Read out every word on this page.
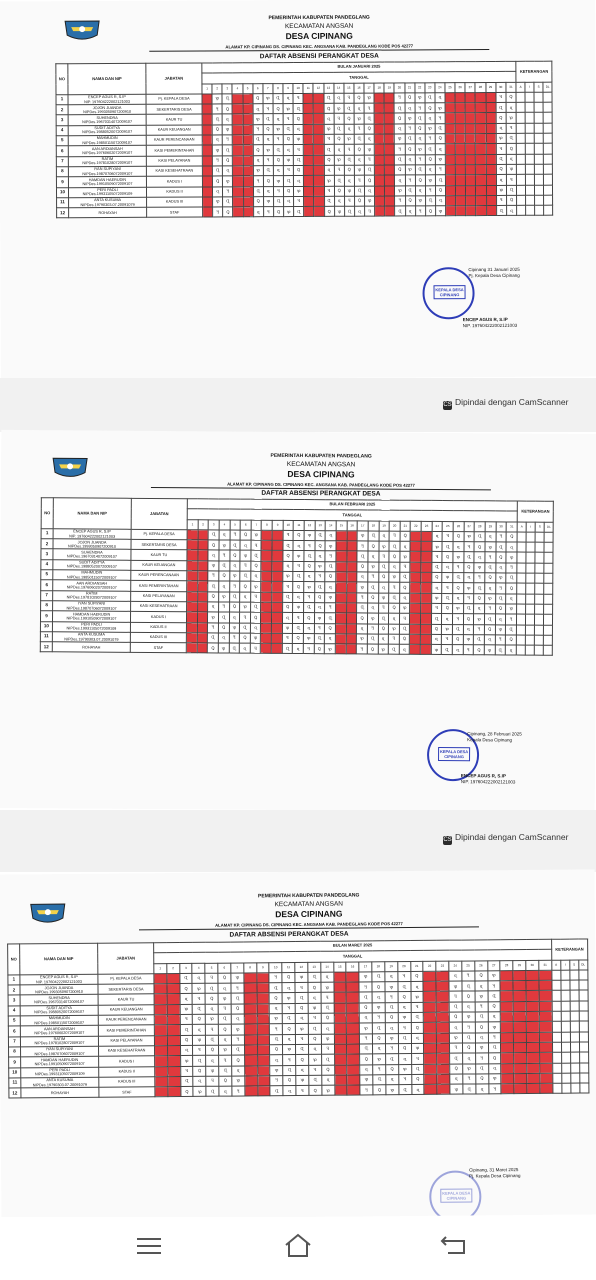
PEMERINTAH KABUPATEN PANDEGLANG
KECAMATAN ANGSAN
DESA CIPINANG
ALAMAT KP. CIPINANG DS. CIPINANG KEC. ANGSANA KAB. PANDEGLANG KODE POS 42277
DAFTAR ABSENSI PERANGKAT DESA
NO	NAMA DAN NIP	JABATAN	BULAN JANUARI 2025																															KETERANGAN			
			TANGGAL																																		
			1	2	3	4	5	6	7	8	9	10	11	12	13	14	15	16	17	18	19	20	21	22	23	24	25	26	27	28	29	30	31	A	I	S	DL
1	ENCEP AGUS R, S.IP
NIP. 197604222002121003	Pj. KEPALA DESA		ꝕ	Ɋ			Ꝗ	ꝕ	Ɋ	ɋ	ꟻ			Ɋ	ɋ	ꟻ	Ꝗ	ꝕ			ꟻ	Ꝗ	ꝕ	Ɋ	ɋ						ꟻ	Ꝗ				
2	JOJON JUANDA
NIPDes.1993050907200910	SEKERTARIS DESA		ꟻ	Ꝗ			ɋ	ꟻ	Ꝗ	ꝕ	Ɋ			Ꝗ	ꝕ	Ɋ	ɋ	ꟻ			Ɋ	ɋ	ꟻ	Ꝗ	ꝕ						Ɋ	ɋ				
3	SUHENDRA
NIPDes.19670314072009107	KAUR TU		Ɋ	ɋ			ꝕ	Ɋ	ɋ	ꟻ	Ꝗ			ɋ	ꟻ	Ꝗ	ꝕ	Ɋ			Ꝗ	ꝕ	Ɋ	ɋ	ꟻ						Ꝗ	ꝕ				
4	SUDIT ADITYA
NIPDes.19880520072009107	KAUR KEUANGAN		Ꝗ	ꝕ			ꟻ	Ꝗ	ꝕ	Ɋ	ɋ			ꝕ	Ɋ	ɋ	ꟻ	Ꝗ			ɋ	ꟻ	Ꝗ	ꝕ	Ɋ						ɋ	ꟻ				
5	MAHMUDIN
NIPDes.19850115072009107	KAUR PERENCANAAN		ɋ	ꟻ			Ɋ	ɋ	ꟻ	Ꝗ	ꝕ			ꟻ	Ꝗ	ꝕ	Ɋ	ɋ			ꝕ	Ɋ	ɋ	ꟻ	Ꝗ						ꝕ	Ɋ				
6	AAN ARDIANSAH
NIPDes.19760602072009107	KASI PEMERINTAHAN		ꝕ	Ɋ			Ꝗ	ꝕ	Ɋ	ɋ	ꟻ			Ɋ	ɋ	ꟻ	Ꝗ	ꝕ			ꟻ	Ꝗ	ꝕ	Ɋ	ɋ						ꟻ	Ꝗ				
7	RATIM
NIPDes.19781028072009107	KASI PELAYANAN		ꟻ	Ꝗ			ɋ	ꟻ	Ꝗ	ꝕ	Ɋ			Ꝗ	ꝕ	Ɋ	ɋ	ꟻ			Ɋ	ɋ	ꟻ	Ꝗ	ꝕ						Ɋ	ɋ				
8	IYAN SUPIYANI
NIPDes.19870706072009107	KASI KESEHATRAAN		Ɋ	ɋ			ꝕ	Ɋ	ɋ	ꟻ	Ꝗ			ɋ	ꟻ	Ꝗ	ꝕ	Ɋ			Ꝗ	ꝕ	Ɋ	ɋ	ꟻ						Ꝗ	ꝕ				
9	HAMDAN HAERUDIN
NIPDes.19910509072009107	KADUS I		Ꝗ	ꝕ			ꟻ	Ꝗ	ꝕ	Ɋ	ɋ			ꝕ	Ɋ	ɋ	ꟻ	Ꝗ			ɋ	ꟻ	Ꝗ	ꝕ	Ɋ						ɋ	ꟻ				
10	PERI PADLI
NIPDes.19931105072009109	KADUS II		ɋ	ꟻ			Ɋ	ɋ	ꟻ	Ꝗ	ꝕ			ꟻ	Ꝗ	ꝕ	Ɋ	ɋ			ꝕ	Ɋ	ɋ	ꟻ	Ꝗ						ꝕ	Ɋ				
11	ANTA KUSUMA
NIPDes.19790303.07.20091079	KADUS III		ꝕ	Ɋ			Ꝗ	ꝕ	Ɋ	ɋ	ꟻ			Ɋ	ɋ	ꟻ	Ꝗ	ꝕ			ꟻ	Ꝗ	ꝕ	Ɋ	ɋ						ꟻ	Ꝗ				
12	ROHAYAH	STAF		ꟻ	Ꝗ			ɋ	ꟻ	Ꝗ	ꝕ	Ɋ			Ꝗ	ꝕ	Ɋ	ɋ	ꟻ			Ɋ	ɋ	ꟻ	Ꝗ	ꝕ						Ɋ	ɋ				
KEPALA DESA CIPINANG
Cipinang 31 Januari 2025
Pj. Kepala Desa Cipinang
ENCEP AGUS R, S.IP
NIP. 197604222002121003
CS Dipindai dengan CamScanner
PEMERINTAH KABUPATEN PANDEGLANG
KECAMATAN ANGSAN
DESA CIPINANG
ALAMAT KP. CIPINANG DS. CIPINANG KEC. ANGSANA KAB. PANDEGLANG KODE POS 42277
DAFTAR ABSENSI PERANGKAT DESA
NO	NAMA DAN NIP	JABATAN	BULAN FEBRUARI 2025																															KETERANGAN			
			TANGGAL																																		
			1	2	3	4	5	6	7	8	9	10	11	12	13	14	15	16	17	18	19	20	21	22	23	24	25	26	27	28	29	30	31	A	I	S	DL
1	ENCEP AGUS R, S.IP
NIP. 197604222002121003	Pj. KEPALA DESA			Ɋ	ɋ	ꟻ	Ꝗ	ꝕ			ꟻ	Ꝗ	ꝕ	Ɋ	ɋ			ꝕ	Ɋ	ɋ	ꟻ	Ꝗ			ɋ	ꟻ	Ꝗ	ꝕ	Ɋ	ɋ	ꟻ	Ꝗ				
2	JOJON JUANDA
NIPDes.1993050907200910	SEKERTARIS DESA			Ꝗ	ꝕ	Ɋ	ɋ	ꟻ			Ɋ	ɋ	ꟻ	Ꝗ	ꝕ			ꟻ	Ꝗ	ꝕ	Ɋ	ɋ			ꝕ	Ɋ	ɋ	ꟻ	Ꝗ	ꝕ	Ɋ	ɋ				
3	SUHENDRA
NIPDes.19670314072009107	KAUR TU			ɋ	ꟻ	Ꝗ	ꝕ	Ɋ			Ꝗ	ꝕ	Ɋ	ɋ	ꟻ			Ɋ	ɋ	ꟻ	Ꝗ	ꝕ			ꟻ	Ꝗ	ꝕ	Ɋ	ɋ	ꟻ	Ꝗ	ꝕ				
4	SUDIT ADITYA
NIPDes.19880520072009107	KAUR KEUANGAN			ꝕ	Ɋ	ɋ	ꟻ	Ꝗ			ɋ	ꟻ	Ꝗ	ꝕ	Ɋ			Ꝗ	ꝕ	Ɋ	ɋ	ꟻ			Ɋ	ɋ	ꟻ	Ꝗ	ꝕ	Ɋ	ɋ	ꟻ				
5	MAHMUDIN
NIPDes.19850115072009107	KAUR PERENCANAAN			ꟻ	Ꝗ	ꝕ	Ɋ	ɋ			ꝕ	Ɋ	ɋ	ꟻ	Ꝗ			ɋ	ꟻ	Ꝗ	ꝕ	Ɋ			Ꝗ	ꝕ	Ɋ	ɋ	ꟻ	Ꝗ	ꝕ	Ɋ				
6	AAN ARDIANSAH
NIPDes.19760602072009107	KASI PEMERINTAHAN			Ɋ	ɋ	ꟻ	Ꝗ	ꝕ			ꟻ	Ꝗ	ꝕ	Ɋ	ɋ			ꝕ	Ɋ	ɋ	ꟻ	Ꝗ			ɋ	ꟻ	Ꝗ	ꝕ	Ɋ	ɋ	ꟻ	Ꝗ				
7	RATIM
NIPDes.19781028072009107	KASI PELAYANAN			Ꝗ	ꝕ	Ɋ	ɋ	ꟻ			Ɋ	ɋ	ꟻ	Ꝗ	ꝕ			ꟻ	Ꝗ	ꝕ	Ɋ	ɋ			ꝕ	Ɋ	ɋ	ꟻ	Ꝗ	ꝕ	Ɋ	ɋ				
8	IYAN SUPIYANI
NIPDes.19870706072009107	KASI KESEHATRAAN			ɋ	ꟻ	Ꝗ	ꝕ	Ɋ			Ꝗ	ꝕ	Ɋ	ɋ	ꟻ			Ɋ	ɋ	ꟻ	Ꝗ	ꝕ			ꟻ	Ꝗ	ꝕ	Ɋ	ɋ	ꟻ	Ꝗ	ꝕ				
9	HAMDAN HAERUDIN
NIPDes.19910509072009107	KADUS I			ꝕ	Ɋ	ɋ	ꟻ	Ꝗ			ɋ	ꟻ	Ꝗ	ꝕ	Ɋ			Ꝗ	ꝕ	Ɋ	ɋ	ꟻ			Ɋ	ɋ	ꟻ	Ꝗ	ꝕ	Ɋ	ɋ	ꟻ				
10	PERI PADLI
NIPDes.19931105072009109	KADUS II			ꟻ	Ꝗ	ꝕ	Ɋ	ɋ			ꝕ	Ɋ	ɋ	ꟻ	Ꝗ			ɋ	ꟻ	Ꝗ	ꝕ	Ɋ			Ꝗ	ꝕ	Ɋ	ɋ	ꟻ	Ꝗ	ꝕ	Ɋ				
11	ANTA KUSUMA
NIPDes.19790303.07.20091079	KADUS III			Ɋ	ɋ	ꟻ	Ꝗ	ꝕ			ꟻ	Ꝗ	ꝕ	Ɋ	ɋ			ꝕ	Ɋ	ɋ	ꟻ	Ꝗ			ɋ	ꟻ	Ꝗ	ꝕ	Ɋ	ɋ	ꟻ	Ꝗ				
12	ROHAYAH	STAF			Ꝗ	ꝕ	Ɋ	ɋ	ꟻ			Ɋ	ɋ	ꟻ	Ꝗ	ꝕ			ꟻ	Ꝗ	ꝕ	Ɋ	ɋ			ꝕ	Ɋ	ɋ	ꟻ	Ꝗ	ꝕ	Ɋ	ɋ				
KEPALA DESA CIPINANG
Cipinang, 28 Februari 2025
Kepala Desa Cipinang
ENCEP AGUS R, S.IP
NIP. 197604222002121003
CS Dipindai dengan CamScanner
PEMERINTAH KABUPATEN PANDEGLANG
KECAMATAN ANGSAN
DESA CIPINANG
ALAMAT KP. CIPINANG DS. CIPINANG KEC. ANGSANA KAB. PANDEGLANG KODE POS 42277
DAFTAR ABSENSI PERANGKAT DESA
NO	NAMA DAN NIP	JABATAN	BULAN MARET 2025																															KETERANGAN			
			TANGGAL																																		
			1	2	3	4	5	6	7	8	9	10	11	12	13	14	15	16	17	18	19	20	21	22	23	24	25	26	27	28	29	30	31	A	I	S	DL
1	ENCEP AGUS R, S.IP
NIP. 197604222002121003	Pj. KEPALA DESA			Ɋ	ɋ	ꟻ	Ꝗ	ꝕ			ꟻ	Ꝗ	ꝕ	Ɋ	ɋ			ꝕ	Ɋ	ɋ	ꟻ	Ꝗ			ɋ	ꟻ	Ꝗ	ꝕ								
2	JOJON JUANDA
NIPDes.1993050907200910	SEKERTARIS DESA			Ꝗ	ꝕ	Ɋ	ɋ	ꟻ			Ɋ	ɋ	ꟻ	Ꝗ	ꝕ			ꟻ	Ꝗ	ꝕ	Ɋ	ɋ			ꝕ	Ɋ	ɋ	ꟻ								
3	SUHENDRA
NIPDes.19670314072009107	KAUR TU			ɋ	ꟻ	Ꝗ	ꝕ	Ɋ			Ꝗ	ꝕ	Ɋ	ɋ	ꟻ			Ɋ	ɋ	ꟻ	Ꝗ	ꝕ			ꟻ	Ꝗ	ꝕ	Ɋ								
4	SUDIT ADITYA
NIPDes.19880520072009107	KAUR KEUANGAN			ꝕ	Ɋ	ɋ	ꟻ	Ꝗ			ɋ	ꟻ	Ꝗ	ꝕ	Ɋ			Ꝗ	ꝕ	Ɋ	ɋ	ꟻ			Ɋ	ɋ	ꟻ	Ꝗ								
5	MAHMUDIN
NIPDes.19850115072009107	KAUR PERENCANAAN			ꟻ	Ꝗ	ꝕ	Ɋ	ɋ			ꝕ	Ɋ	ɋ	ꟻ	Ꝗ			ɋ	ꟻ	Ꝗ	ꝕ	Ɋ			Ꝗ	ꝕ	Ɋ	ɋ								
6	AAN ARDIANSAH
NIPDes.19760602072009107	KASI PEMERINTAHAN			Ɋ	ɋ	ꟻ	Ꝗ	ꝕ			ꟻ	Ꝗ	ꝕ	Ɋ	ɋ			ꝕ	Ɋ	ɋ	ꟻ	Ꝗ			ɋ	ꟻ	Ꝗ	ꝕ								
7	RATIM
NIPDes.19781028072009107	KASI PELAYANAN			Ꝗ	ꝕ	Ɋ	ɋ	ꟻ			Ɋ	ɋ	ꟻ	Ꝗ	ꝕ			ꟻ	Ꝗ	ꝕ	Ɋ	ɋ			ꝕ	Ɋ	ɋ	ꟻ								
8	IYAN SUPIYANI
NIPDes.19870706072009107	KASI KESEHATRAAN			ɋ	ꟻ	Ꝗ	ꝕ	Ɋ			Ꝗ	ꝕ	Ɋ	ɋ	ꟻ			Ɋ	ɋ	ꟻ	Ꝗ	ꝕ			ꟻ	Ꝗ	ꝕ	Ɋ								
9	HAMDAN HAERUDIN
NIPDes.19910509072009107	KADUS I			ꝕ	Ɋ	ɋ	ꟻ	Ꝗ			ɋ	ꟻ	Ꝗ	ꝕ	Ɋ			Ꝗ	ꝕ	Ɋ	ɋ	ꟻ			Ɋ	ɋ	ꟻ	Ꝗ								
10	PERI PADLI
NIPDes.19931105072009109	KADUS II			ꟻ	Ꝗ	ꝕ	Ɋ	ɋ			ꝕ	Ɋ	ɋ	ꟻ	Ꝗ			ɋ	ꟻ	Ꝗ	ꝕ	Ɋ			Ꝗ	ꝕ	Ɋ	ɋ								
11	ANTA KUSUMA
NIPDes.19790303.07.20091079	KADUS III			Ɋ	ɋ	ꟻ	Ꝗ	ꝕ			ꟻ	Ꝗ	ꝕ	Ɋ	ɋ			ꝕ	Ɋ	ɋ	ꟻ	Ꝗ			ɋ	ꟻ	Ꝗ	ꝕ								
12	ROHAYAH	STAF			Ꝗ	ꝕ	Ɋ	ɋ	ꟻ			Ɋ	ɋ	ꟻ	Ꝗ	ꝕ			ꟻ	Ꝗ	ꝕ	Ɋ	ɋ			ꝕ	Ɋ	ɋ	ꟻ								
KEPALA DESA CIPINANG
Cipinang, 31 Maret 2025
Pj. Kepala Desa Cipinang
